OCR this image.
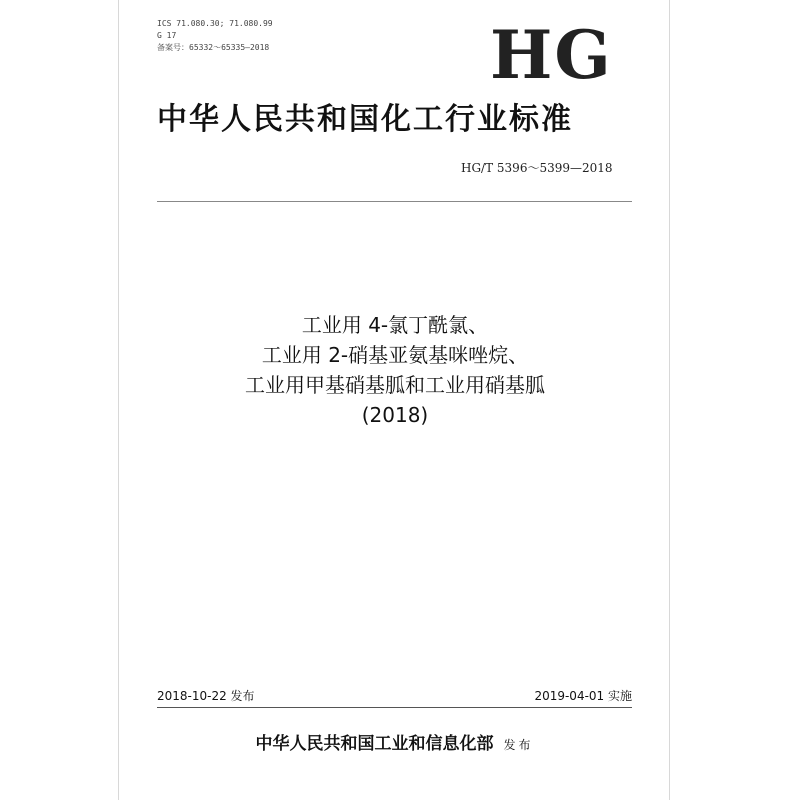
ICS 71.080.30; 71.080.99
G 17
备案号：65332～65335—2018	HG
中华人民共和国化工行业标准
HG/T 5396～5399—2018
工业用 4-氯丁酰氯、
工业用 2-硝基亚氨基咪唑烷、
工业用甲基硝基胍和工业用硝基胍
(2018)
2018-10-22 发布	2019-04-01 实施
中华人民共和国工业和信息化部 发布
